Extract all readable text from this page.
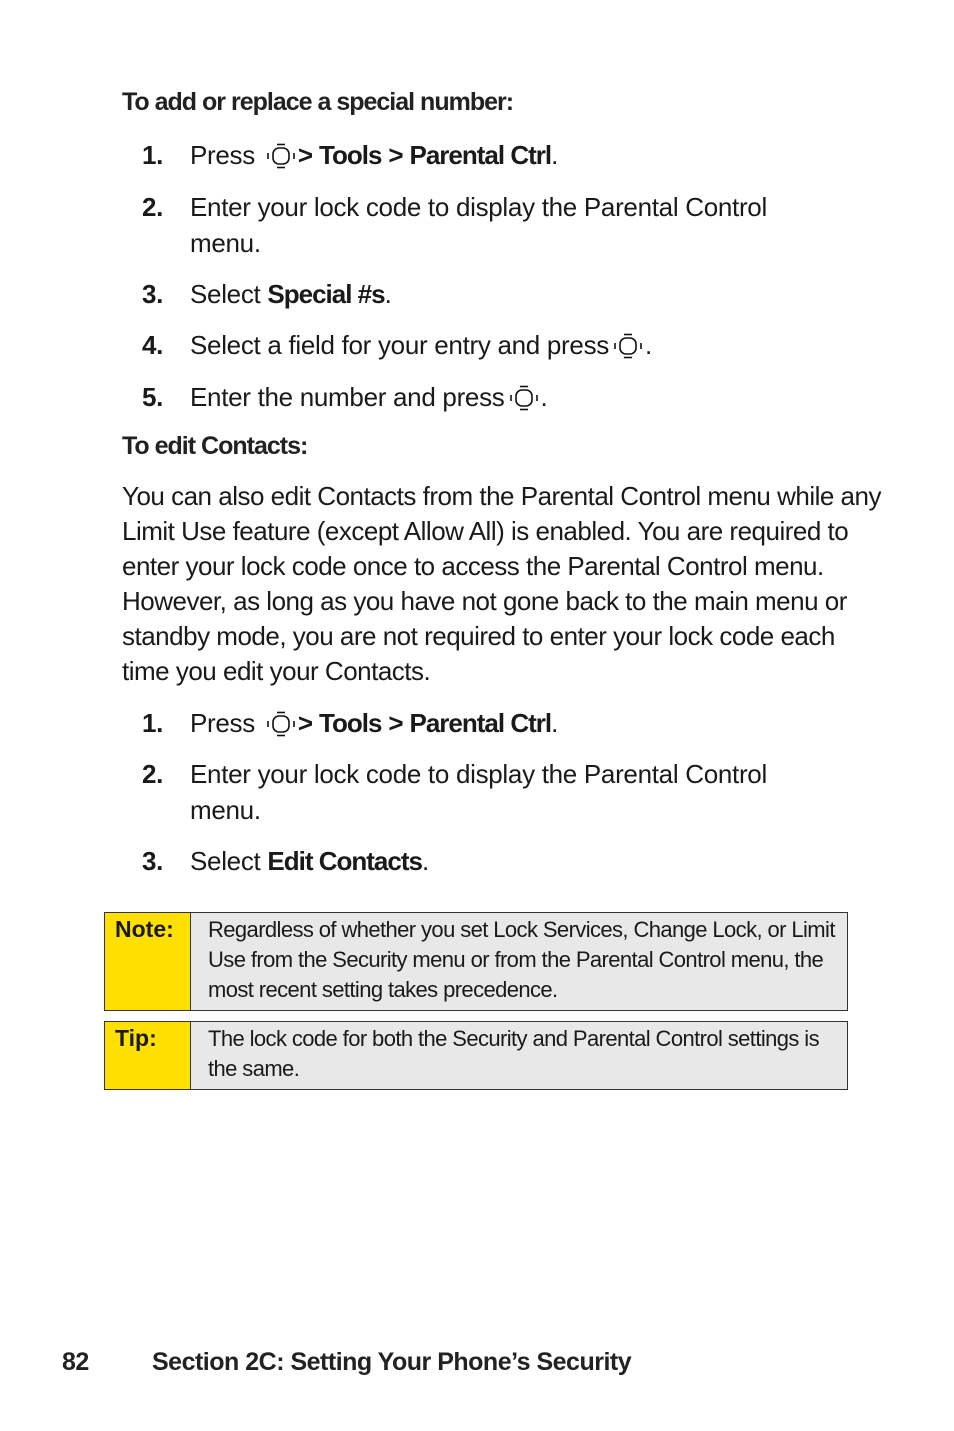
To add or replace a special number:
1.	Press > Tools > Parental Ctrl.
2.	Enter your lock code to display the Parental Control menu.
3.	Select Special #s.
4.	Select a field for your entry and press .
5.	Enter the number and press .
To edit Contacts:
You can also edit Contacts from the Parental Control menu while any Limit Use feature (except Allow All) is enabled. You are required to enter your lock code once to access the Parental Control menu. However, as long as you have not gone back to the main menu or standby mode, you are not required to enter your lock code each time you edit your Contacts.
1.	Press > Tools > Parental Ctrl.
2.	Enter your lock code to display the Parental Control menu.
3.	Select Edit Contacts.
Note:	Regardless of whether you set Lock Services, Change Lock, or Limit Use from the Security menu or from the Parental Control menu, the most recent setting takes precedence.
Tip:	The lock code for both the Security and Parental Control settings is the same.
82	Section 2C: Setting Your Phone’s Security
